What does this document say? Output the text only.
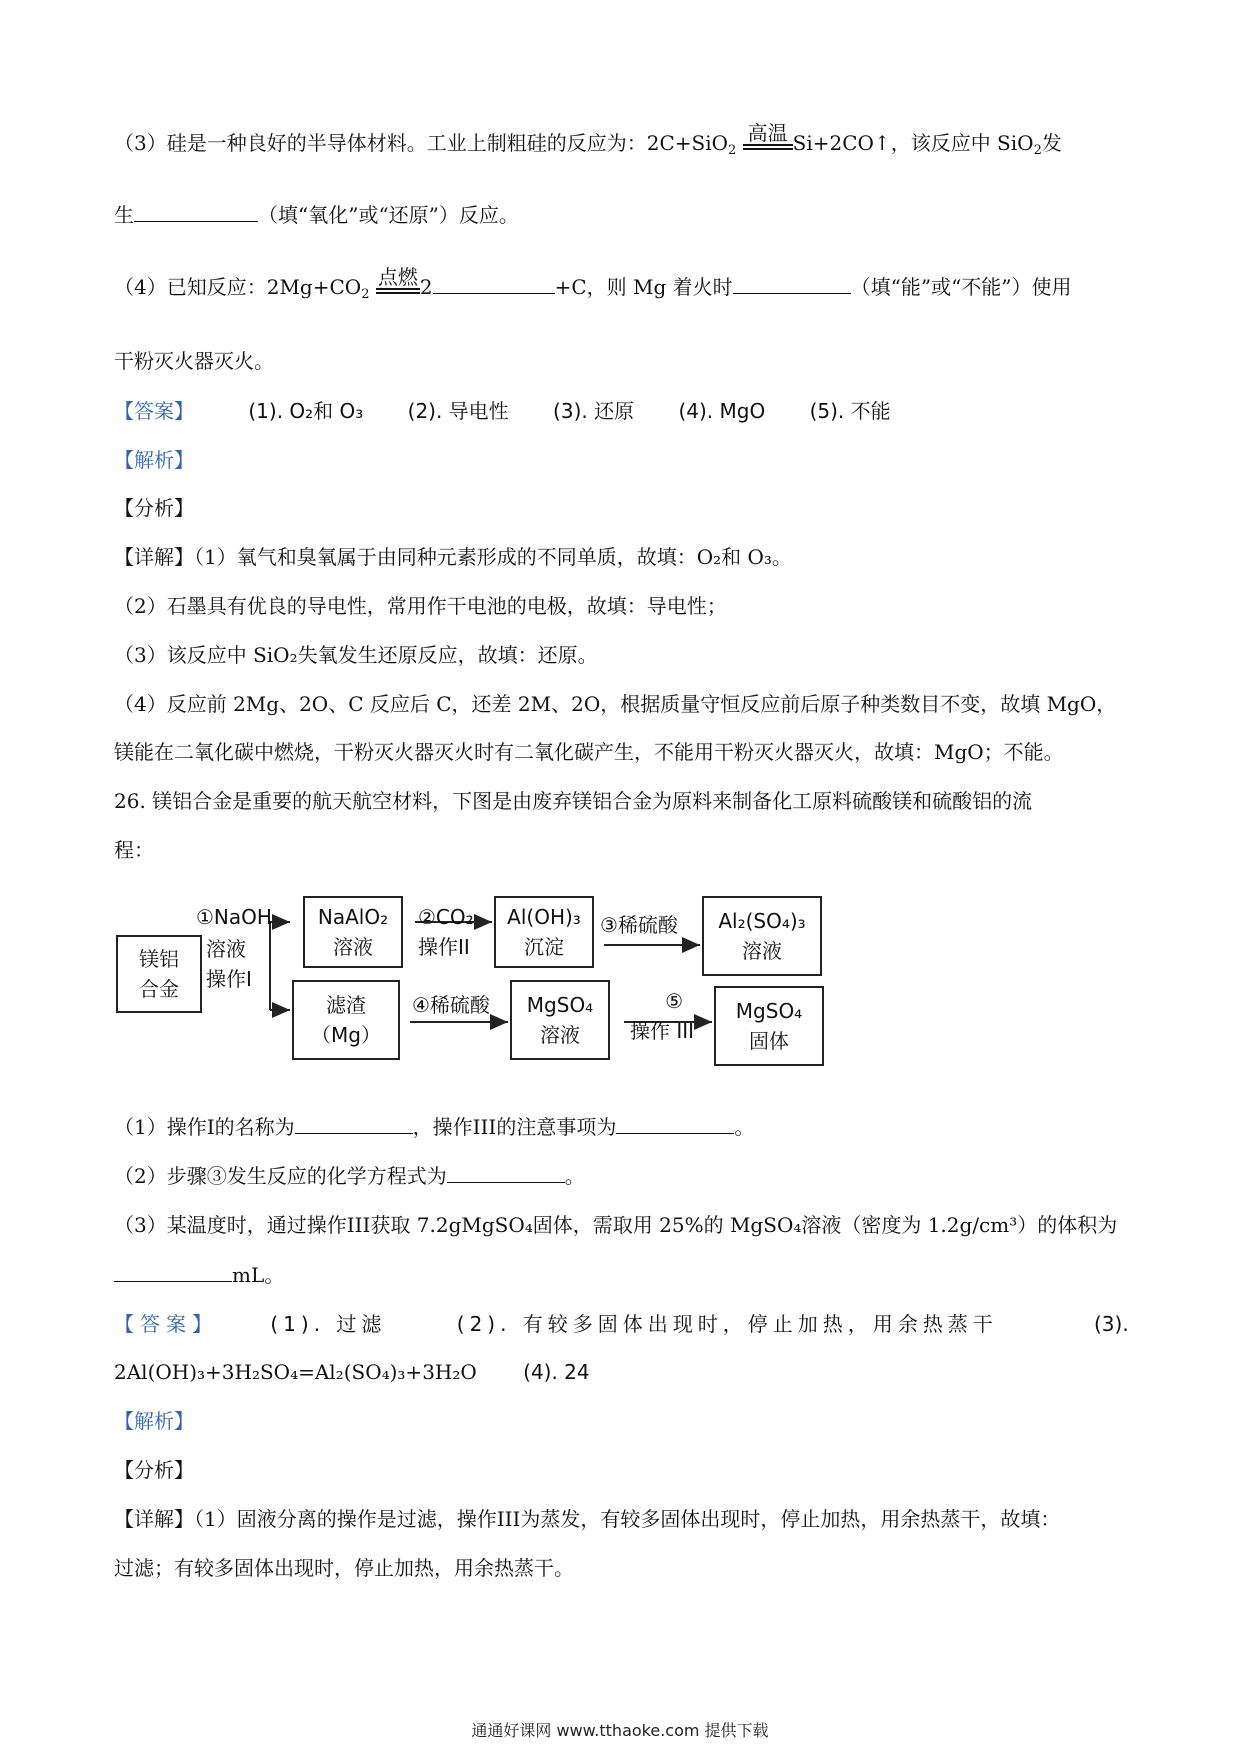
（3）硅是一种良好的半导体材料。工业上制粗硅的反应为：2C+SiO$_2$
高温 Si+2CO↑，该反应中 SiO$_2$发
生	（填“氧化”或“还原”）反应。
（4）已知反应：$2Mg+CO_2$
点燃 2	+C，则 Mg 着火时	（填“能”或“不能”）使用
干粉灭火器灭火。
【答案】	(1). O₂和 O₃ (2). 导电性 (3). 还原 (4). MgO (5). 不能
【解析】
【分析】
【详解】（1）氧气和臭氧属于由同种元素形成的不同单质，故填：O₂和 O₃。
（2）石墨具有优良的导电性，常用作干电池的电极，故填：导电性；
（3）该反应中 SiO₂失氧发生还原反应，故填：还原。
（4）反应前 2Mg、2O、C 反应后 C，还差 2M、2O，根据质量守恒反应前后原子种类数目不变，故填 MgO，
镁能在二氧化碳中燃烧，干粉灭火器灭火时有二氧化碳产生，不能用干粉灭火器灭火，故填：MgO；不能。
26. 镁铝合金是重要的航天航空材料，下图是由废弃镁铝合金为原料来制备化工原料硫酸镁和硫酸铝的流
程：
镁铝
合金
①NaOH
溶液
操作I
NaAlO₂
溶液
②CO₂
操作II
Al(OH)₃
沉淀
③稀硫酸 Al₂(SO₄)₃
溶液
滤渣
（Mg）
④稀硫酸 MgSO₄
溶液
⑤
操作 III
MgSO₄
固体
（1）操作I的名称为	，操作III的注意事项为	。
（2）步骤③发生反应的化学方程式为	。
（3）某温度时，通过操作III获取 7.2gMgSO₄固体，需取用 25%的 MgSO₄溶液（密度为 1.2g/cm³）的体积为
mL。
【答案】	(1). 过滤	(2). 有较多固体出现时，停止加热，用余热蒸干	(3).
2Al(OH)₃+3H₂SO₄=Al₂(SO₄)₃+3H₂O (4). 24
【解析】
【分析】
【详解】（1）固液分离的操作是过滤，操作III为蒸发，有较多固体出现时，停止加热，用余热蒸干，故填：
过滤；有较多固体出现时，停止加热，用余热蒸干。
通通好课网 www.tthaoke.com 提供下载
